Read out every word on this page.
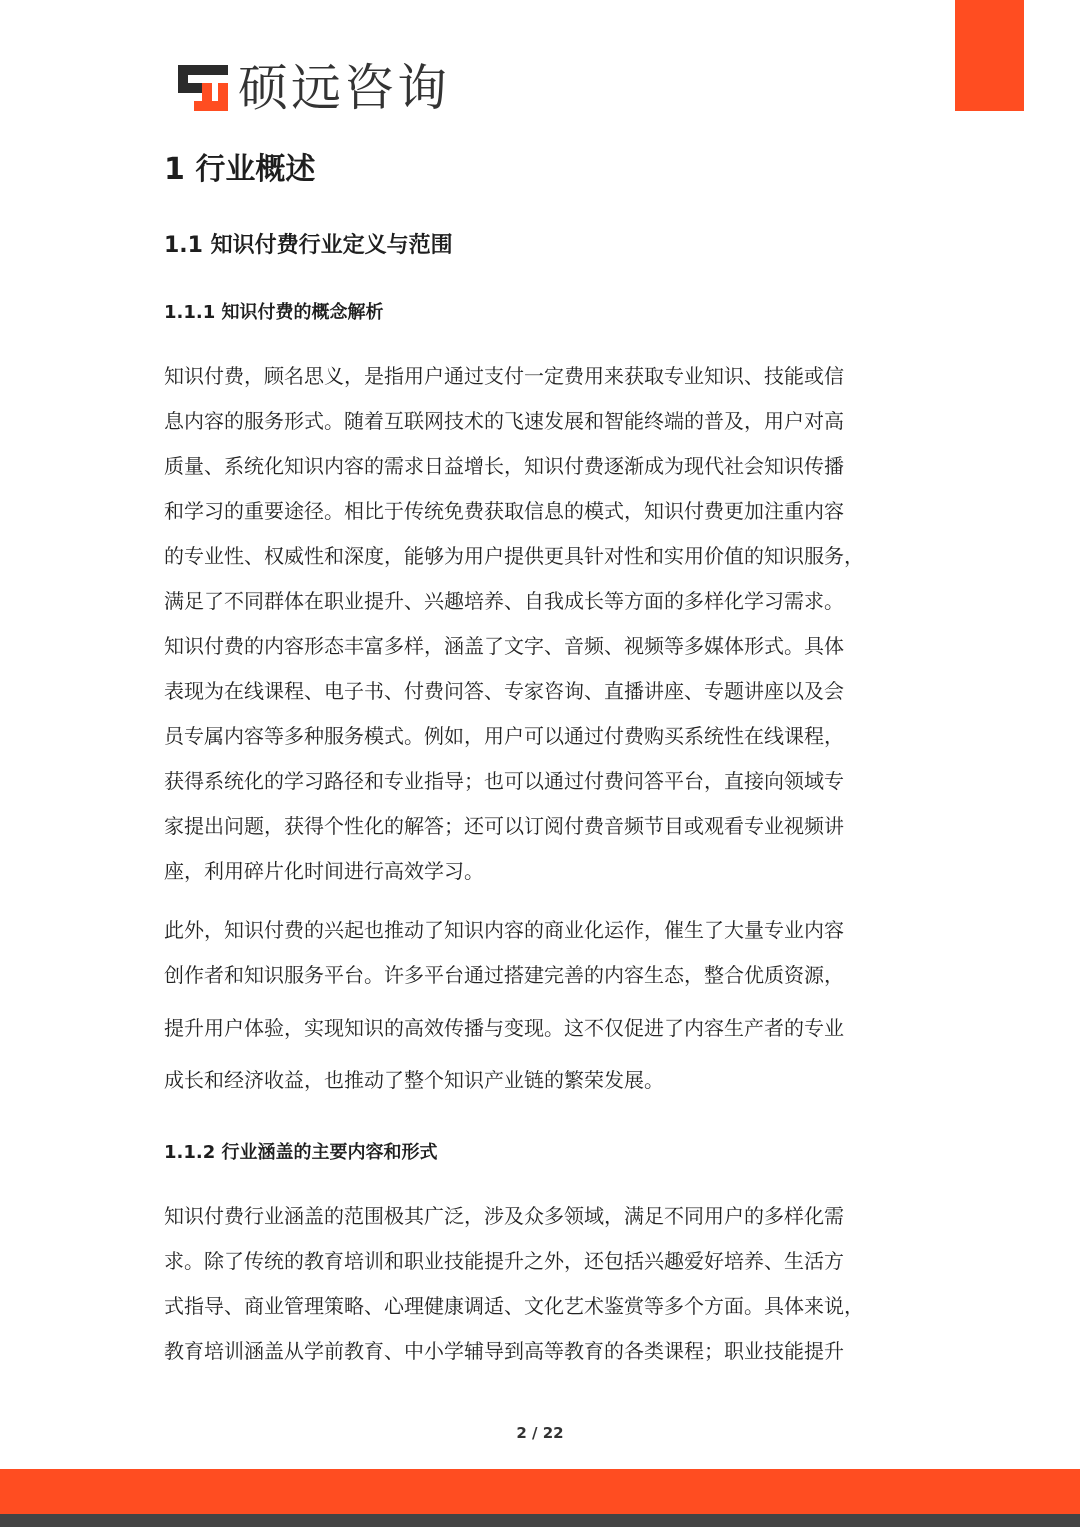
硕远咨询
1 行业概述
1.1 知识付费行业定义与范围
1.1.1 知识付费的概念解析
知识付费，顾名思义，是指用户通过支付一定费用来获取专业知识、技能或信
息内容的服务形式。随着互联网技术的飞速发展和智能终端的普及，用户对高
质量、系统化知识内容的需求日益增长，知识付费逐渐成为现代社会知识传播
和学习的重要途径。相比于传统免费获取信息的模式，知识付费更加注重内容
的专业性、权威性和深度，能够为用户提供更具针对性和实用价值的知识服务，
满足了不同群体在职业提升、兴趣培养、自我成长等方面的多样化学习需求。
知识付费的内容形态丰富多样，涵盖了文字、音频、视频等多媒体形式。具体
表现为在线课程、电子书、付费问答、专家咨询、直播讲座、专题讲座以及会
员专属内容等多种服务模式。例如，用户可以通过付费购买系统性在线课程，
获得系统化的学习路径和专业指导；也可以通过付费问答平台，直接向领域专
家提出问题，获得个性化的解答；还可以订阅付费音频节目或观看专业视频讲
座，利用碎片化时间进行高效学习。
此外，知识付费的兴起也推动了知识内容的商业化运作，催生了大量专业内容
创作者和知识服务平台。许多平台通过搭建完善的内容生态，整合优质资源，
提升用户体验，实现知识的高效传播与变现。这不仅促进了内容生产者的专业
成长和经济收益，也推动了整个知识产业链的繁荣发展。
1.1.2 行业涵盖的主要内容和形式
知识付费行业涵盖的范围极其广泛，涉及众多领域，满足不同用户的多样化需
求。除了传统的教育培训和职业技能提升之外，还包括兴趣爱好培养、生活方
式指导、商业管理策略、心理健康调适、文化艺术鉴赏等多个方面。具体来说，
教育培训涵盖从学前教育、中小学辅导到高等教育的各类课程；职业技能提升
2 / 22
